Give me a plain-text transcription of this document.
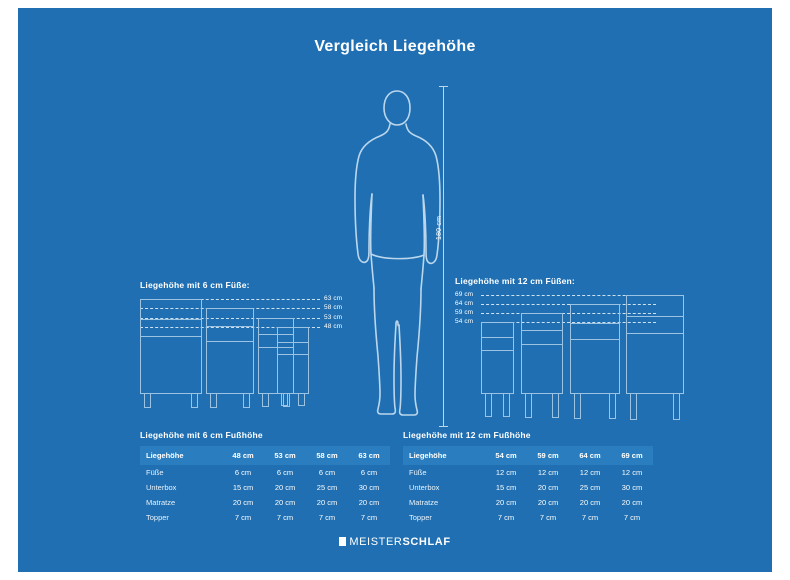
Vergleich Liegehöhe
180 cm
Liegehöhe mit 6 cm Füße:
63 cm
58 cm
53 cm
48 cm
Liegehöhe mit 12 cm Füßen:
69 cm
64 cm
59 cm
54 cm
Liegehöhe mit 6 cm Fußhöhe
Liegehöhe	48 cm	53 cm	58 cm	63 cm
Füße	6 cm	6 cm	6 cm	6 cm
Unterbox	15 cm	20 cm	25 cm	30 cm
Matratze	20 cm	20 cm	20 cm	20 cm
Topper	7 cm	7 cm	7 cm	7 cm
Liegehöhe mit 12 cm Fußhöhe
Liegehöhe	54 cm	59 cm	64 cm	69 cm
Füße	12 cm	12 cm	12 cm	12 cm
Unterbox	15 cm	20 cm	25 cm	30 cm
Matratze	20 cm	20 cm	20 cm	20 cm
Topper	7 cm	7 cm	7 cm	7 cm
MEISTERSCHLAF
